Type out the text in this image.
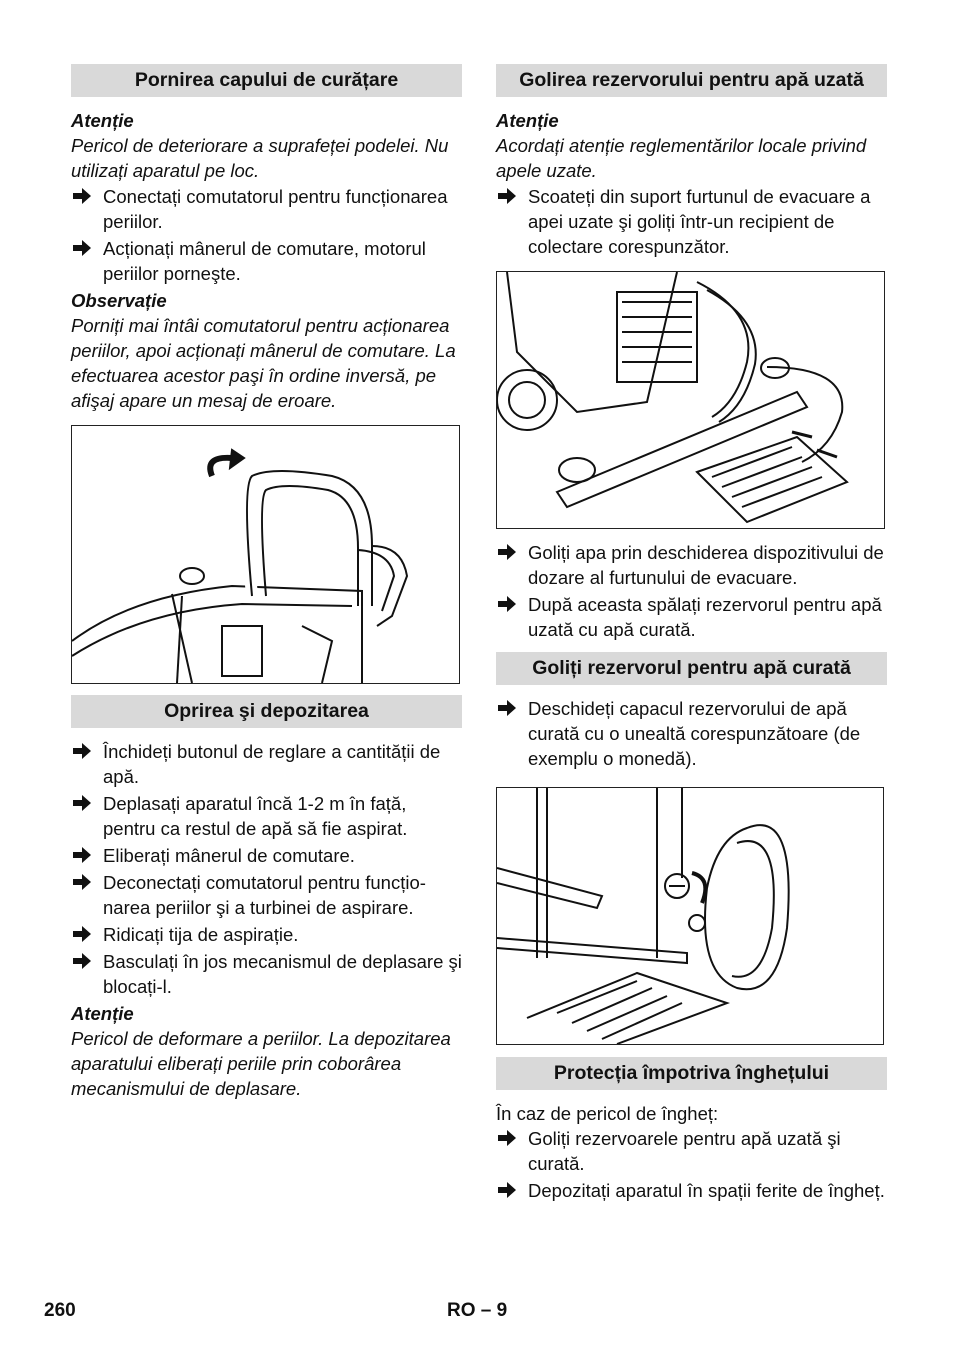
Pornirea capului de curățare
Atenție
Pericol de deteriorare a suprafeței podelei. Nu utilizați aparatul pe loc.
Conectați comutatorul pentru funcționarea periilor.
Acționați mânerul de comutare, motorul periilor porneşte.
Observație
Porniți mai întâi comutatorul pentru acționarea periilor, apoi acționați mânerul de comutare. La efectuarea acestor paşi în ordine inversă, pe afişaj apare un mesaj de eroare.
Oprirea şi depozitarea
Închideți butonul de reglare a cantității de apă.
Deplasați aparatul încă 1-2 m în față, pentru ca restul de apă să fie aspirat.
Eliberați mânerul de comutare.
Deconectați comutatorul pentru funcționarea periilor şi a turbinei de aspirare.
Ridicați tija de aspirație.
Basculați în jos mecanismul de deplasare şi blocați-l.
Atenție
Pericol de deformare a periilor. La depozitarea aparatului eliberați periile prin coborârea mecanismului de deplasare.
Golirea rezervorului pentru apă uzată
Atenție
Acordați atenție reglementărilor locale privind apele uzate.
Scoateți din suport furtunul de evacuare a apei uzate şi goliți într-un recipient de colectare corespunzător.
Goliți apa prin deschiderea dispozitivului de dozare al furtunului de evacuare.
După aceasta spălați rezervorul pentru apă uzată cu apă curată.
Goliți rezervorul pentru apă curată
Deschideți capacul rezervorului de apă curată cu o unealtă corespunzătoare (de exemplu o monedă).
Protecția împotriva înghețului

În caz de pericol de îngheț:

Goliți rezervoarele pentru apă uzată şi curată.
Depozitați aparatul în spații ferite de îngheț.
260	RO – 9
